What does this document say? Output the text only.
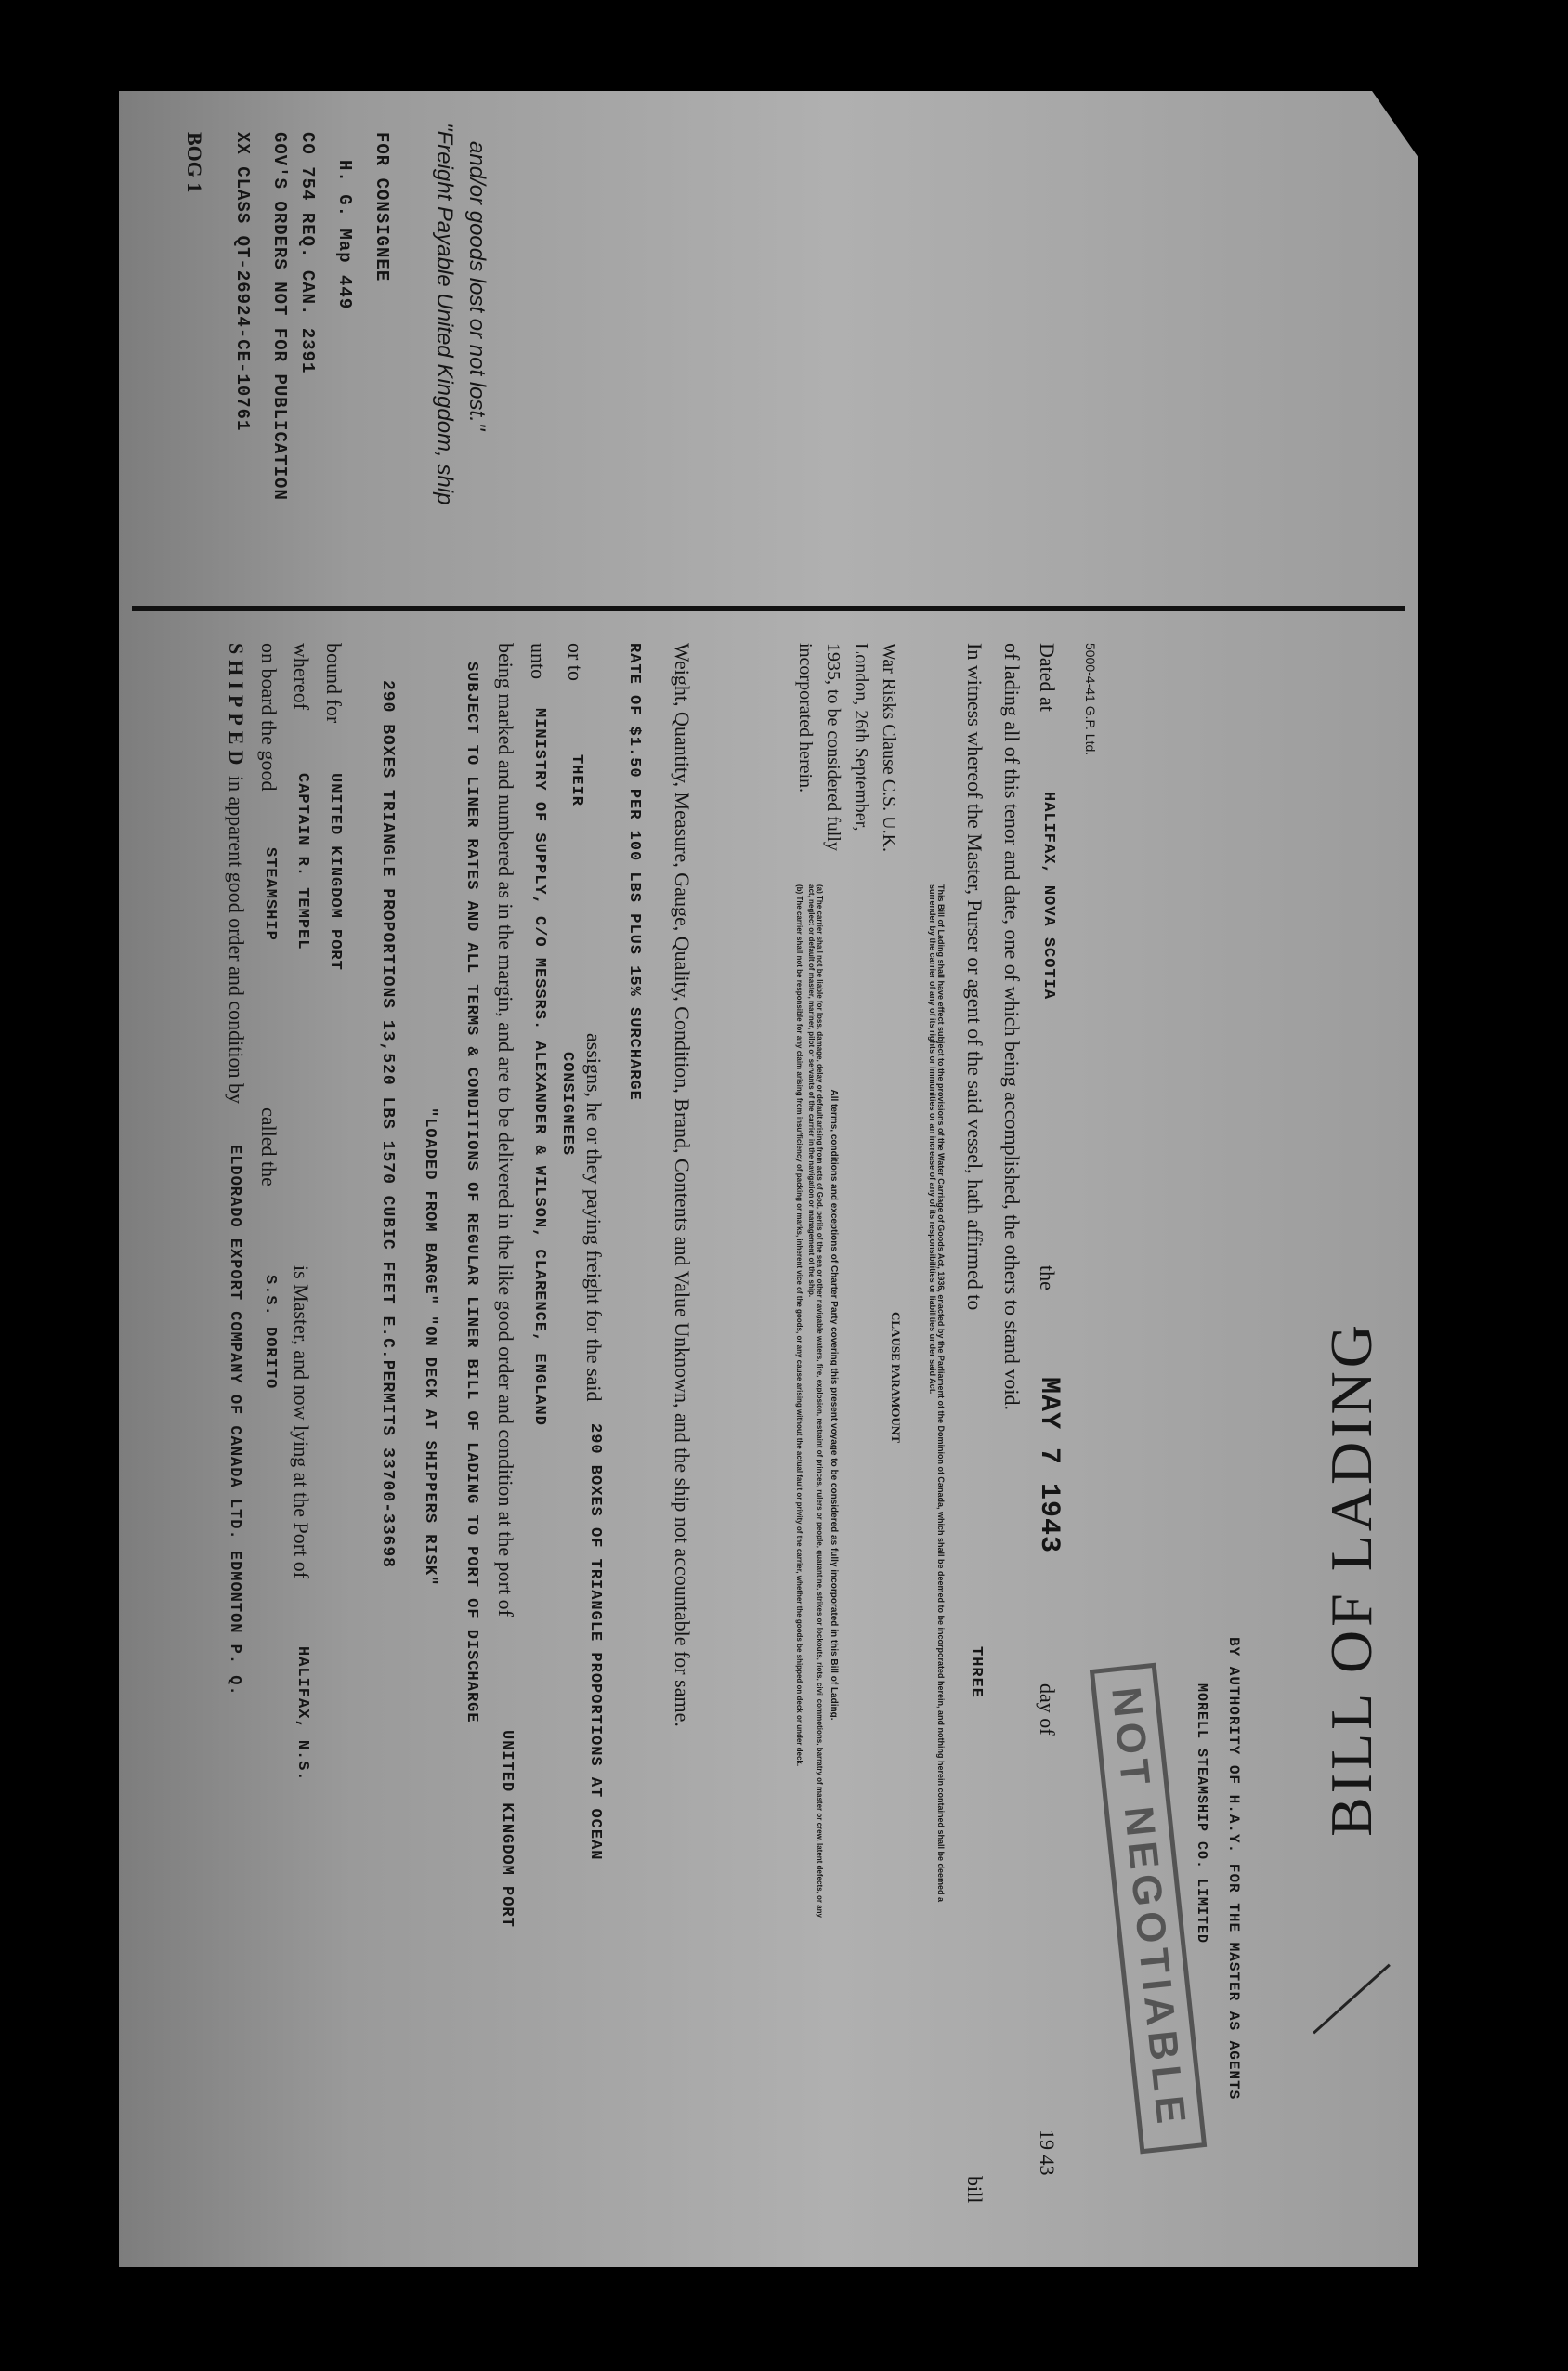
BOG 1 XX CLASS QT-26924-CE-10761 GOV'S ORDERS NOT FOR PUBLICATION CO 754 REQ. CAN. 2391 H. G. Map 449 FOR CONSIGNEE "Freight Payable United Kingdom, ship and/or goods lost or not lost."
BILL OF LADING
SHIPPED in apparent good order and condition by
ELDORADO EXPORT COMPANY OF CANADA LTD. EDMONTON P. Q.
on board the good
STEAMSHIP
called the
S.S. DORITO
whereof
CAPTAIN R. TEMPEL
is Master, and now lying at the Port of
HALIFAX, N.S.
bound for
UNITED KINGDOM PORT 290 BOXES TRIANGLE PROPORTIONS 13,520 LBS 1570 CUBIC FEET E.C.PERMITS 33700-33698 "LOADED FROM BARGE" "ON DECK AT SHIPPERS RISK" SUBJECT TO LINER RATES AND ALL TERMS & CONDITIONS OF REGULAR LINER BILL OF LADING TO PORT OF DISCHARGE being marked and numbered as in the margin, and are to be delivered in the like good order and condition at the port of
UNITED KINGDOM PORT
unto
MINISTRY OF SUPPLY, C/O MESSRS. ALEXANDER & WILSON, CLARENCE, ENGLAND CONSIGNEES
or to
THEIR
assigns, he or they paying freight for the said
290 BOXES OF TRIANGLE PROPORTIONS AT OCEAN
RATE OF $1.50 PER 100 LBS PLUS 15% SURCHARGE Weight, Quantity, Measure, Gauge, Quality, Condition, Brand, Contents and Value Unknown, and the ship not accountable for same.	All terms, conditions and exceptions of Charter Party covering this present voyage to be considered as fully incorporated in this Bill of Lading.
(a) The carrier shall not be liable for loss, damage, delay or default arising from acts of God, perils of the sea or other navigable waters, fire, explosion, restraint of princes, rulers or people, quarantine, strikes or lockouts, riots, civil commotions, barratry of master or crew, latent defects, or any act, neglect or default of master, mariner, pilot or servants of the carrier in the navigation or management of the ship.
(b) The carrier shall not be responsible for any claim arising from insufficiency of packing or marks, inherent vice of the goods, or any cause arising without the actual fault or privity of the carrier, whether the goods be shipped on deck or under deck.
War Risks Clause C.S. U.K. London, 26th September, 1935, to be considered fully incorporated herein.
CLAUSE PARAMOUNT	This Bill of Lading shall have effect subject to the provisions of the Water Carriage of Goods Act, 1936, enacted by the Parliament of the Dominion of Canada, which shall be deemed to be incorporated herein, and nothing herein contained shall be deemed a surrender by the carrier of any of its rights or immunities or an increase of any of its responsibilities or liabilities under said Act.	In witness whereof the Master, Purser or agent of the said vessel, hath affirmed to
THREE
bill
of lading all of this tenor and date, one of which being accomplished, the others to stand void. Dated at
HALIFAX, NOVA SCOTIA
the
MAY 7 1943
day of
19 43
NOT NEGOTIABLE MORELL STEAMSHIP CO. LIMITED BY AUTHORITY OF H.A.Y. FOR THE MASTER AS AGENTS
5000-4-41 G.P. Ltd.
